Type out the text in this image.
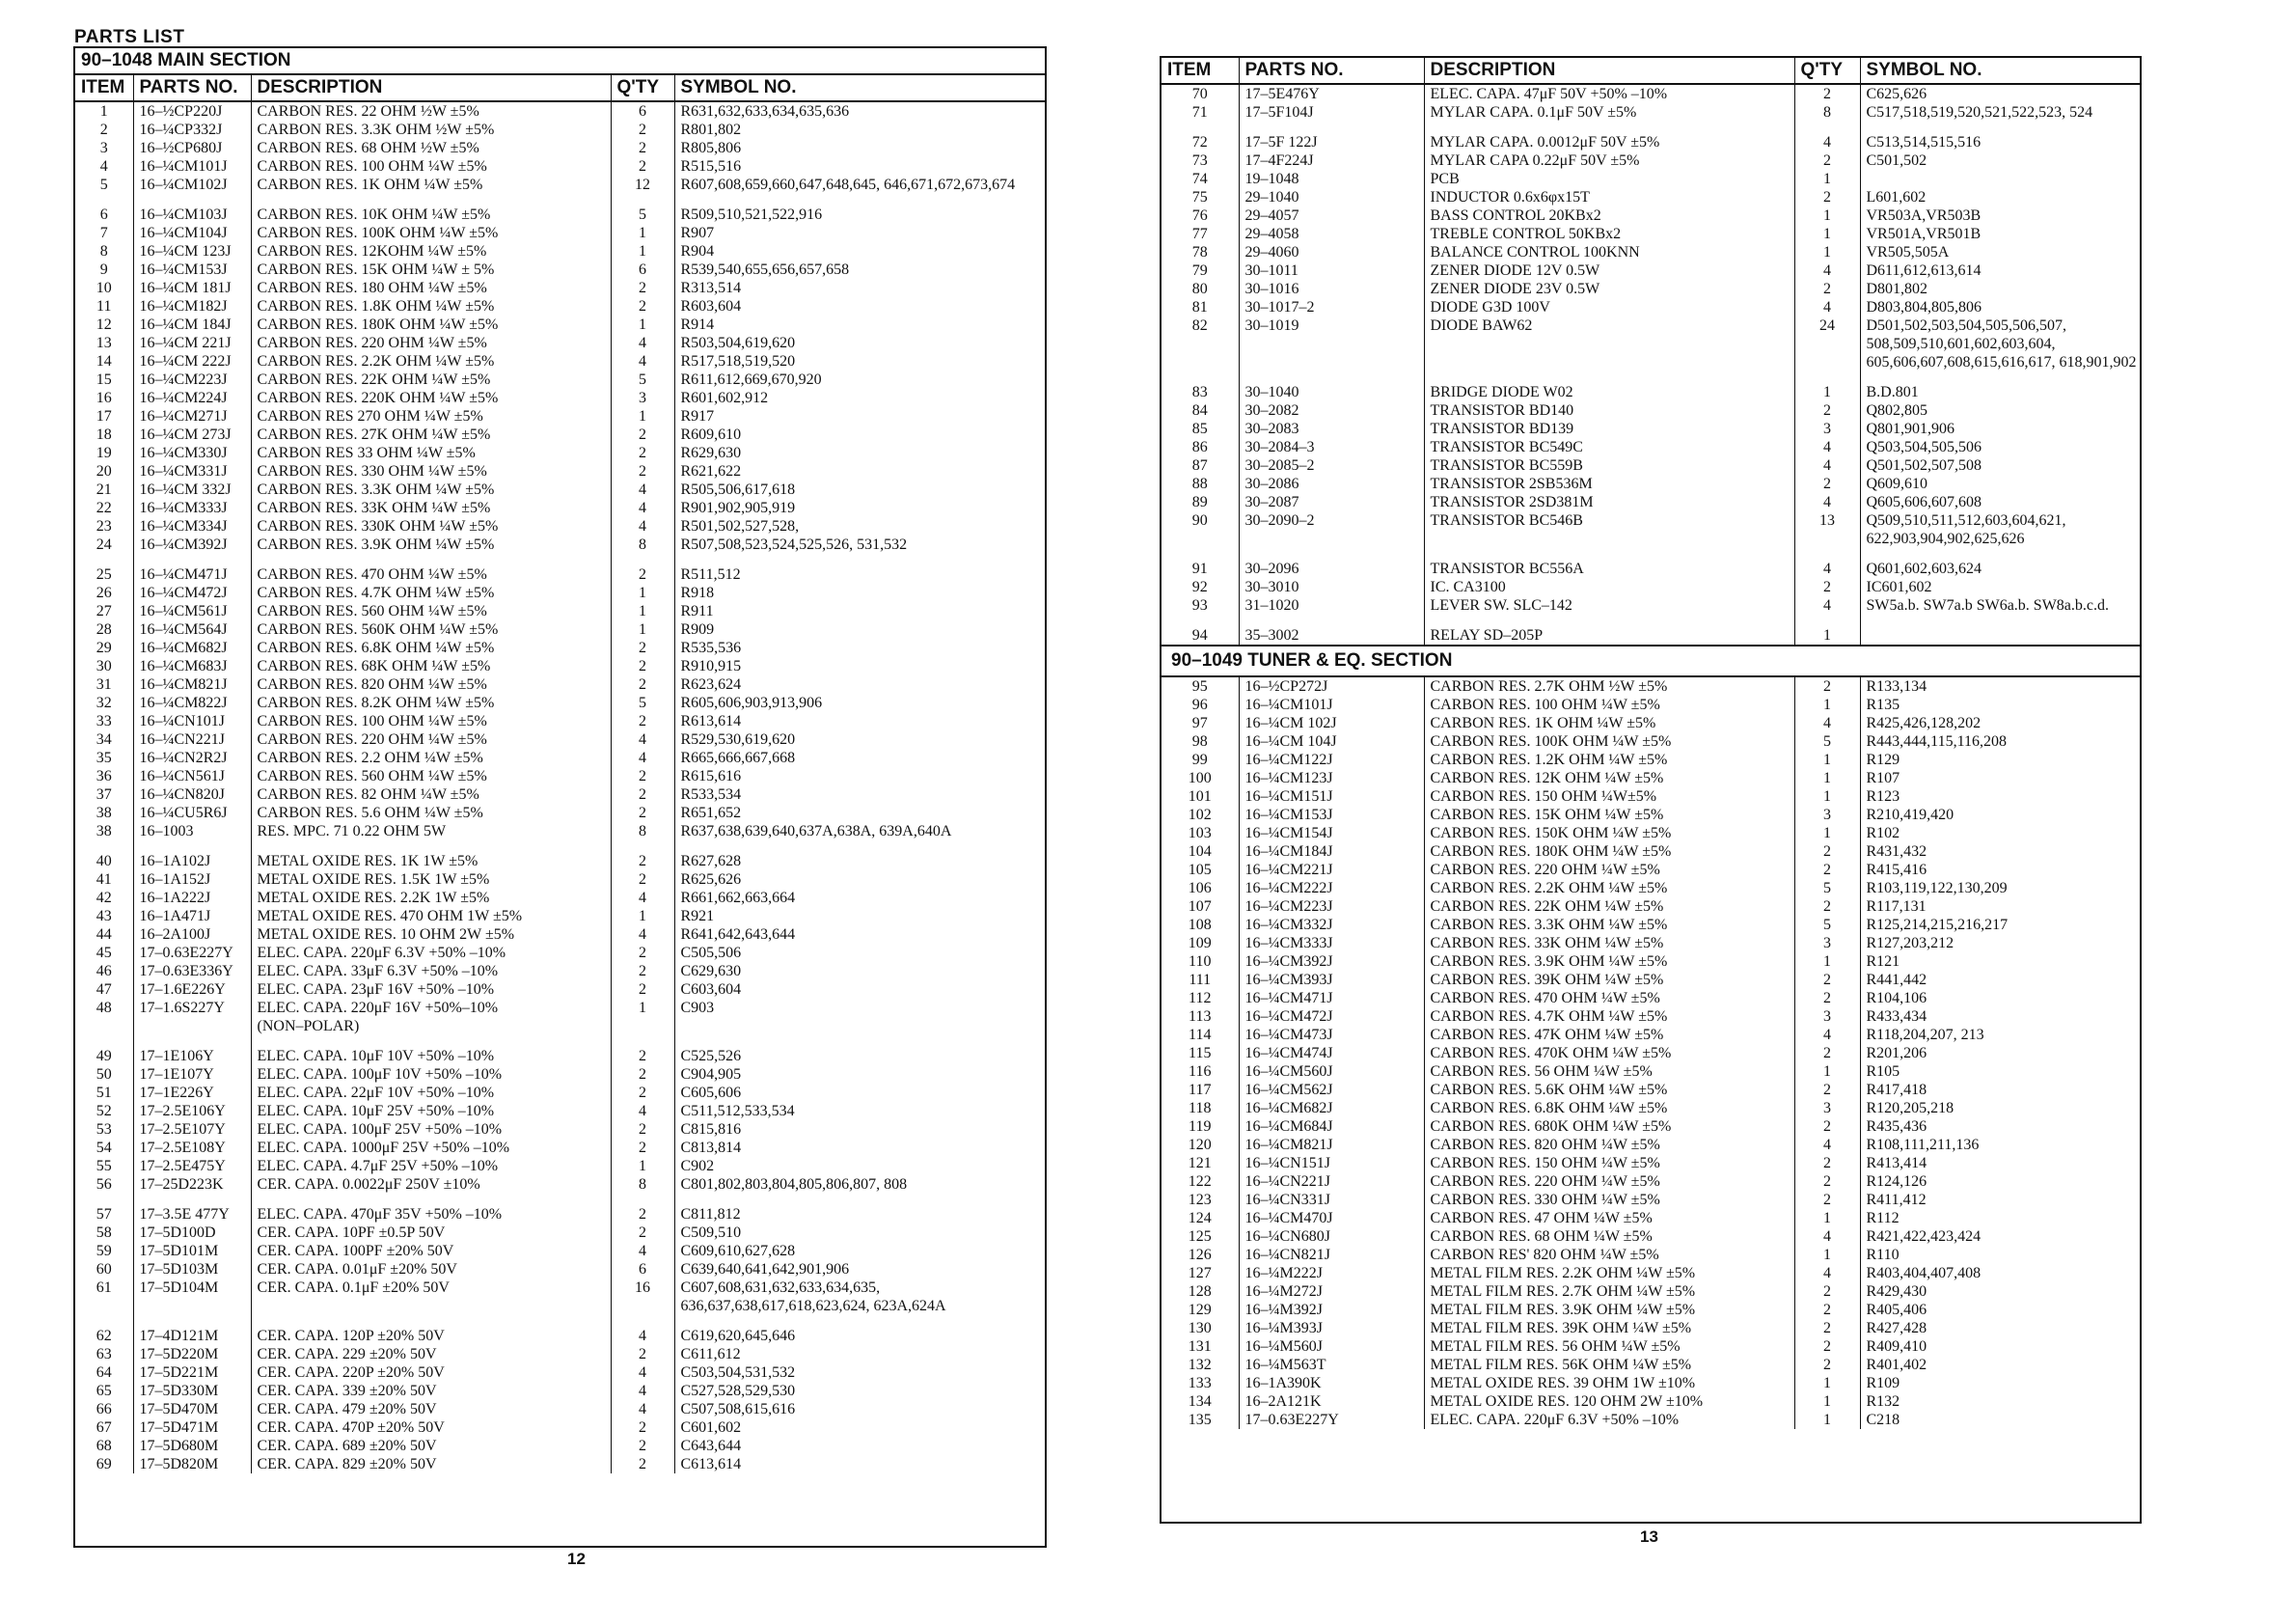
PARTS LIST
90–1048 MAIN SECTION
ITEM	PARTS NO.	DESCRIPTION	Q'TY	SYMBOL NO.
1	16–½CP220J	CARBON RES. 22 OHM ½W ±5%	6	R631,632,633,634,635,636
2	16–¼CP332J	CARBON RES. 3.3K OHM ½W ±5%	2	R801,802
3	16–½CP680J	CARBON RES. 68 OHM ½W ±5%	2	R805,806
4	16–¼CM101J	CARBON RES. 100 OHM ¼W ±5%	2	R515,516
5	16–¼CM102J	CARBON RES. 1K OHM ¼W ±5%	12	R607,608,659,660,647,648,645, 646,671,672,673,674
6	16–¼CM103J	CARBON RES. 10K OHM ¼W ±5%	5	R509,510,521,522,916
7	16–¼CM104J	CARBON RES. 100K OHM ¼W ±5%	1	R907
8	16–¼CM 123J	CARBON RES. 12KOHM ¼W ±5%	1	R904
9	16–¼CM153J	CARBON RES. 15K OHM ¼W ± 5%	6	R539,540,655,656,657,658
10	16–¼CM 181J	CARBON RES. 180 OHM ¼W ±5%	2	R313,514
11	16–¼CM182J	CARBON RES. 1.8K OHM ¼W ±5%	2	R603,604
12	16–¼CM 184J	CARBON RES. 180K OHM ¼W ±5%	1	R914
13	16–¼CM 221J	CARBON RES. 220 OHM ¼W ±5%	4	R503,504,619,620
14	16–¼CM 222J	CARBON RES. 2.2K OHM ¼W ±5%	4	R517,518,519,520
15	16–¼CM223J	CARBON RES. 22K OHM ¼W ±5%	5	R611,612,669,670,920
16	16–¼CM224J	CARBON RES. 220K OHM ¼W ±5%	3	R601,602,912
17	16–¼CM271J	CARBON RES 270 OHM ¼W ±5%	1	R917
18	16–¼CM 273J	CARBON RES. 27K OHM ¼W ±5%	2	R609,610
19	16–¼CM330J	CARBON RES 33 OHM ¼W ±5%	2	R629,630
20	16–¼CM331J	CARBON RES. 330 OHM ¼W ±5%	2	R621,622
21	16–¼CM 332J	CARBON RES. 3.3K OHM ¼W ±5%	4	R505,506,617,618
22	16–¼CM333J	CARBON RES. 33K OHM ¼W ±5%	4	R901,902,905,919
23	16–¼CM334J	CARBON RES. 330K OHM ¼W ±5%	4	R501,502,527,528,
24	16–¼CM392J	CARBON RES. 3.9K OHM ¼W ±5%	8	R507,508,523,524,525,526, 531,532
25	16–¼CM471J	CARBON RES. 470 OHM ¼W ±5%	2	R511,512
26	16–¼CM472J	CARBON RES. 4.7K OHM ¼W ±5%	1	R918
27	16–¼CM561J	CARBON RES. 560 OHM ¼W ±5%	1	R911
28	16–¼CM564J	CARBON RES. 560K OHM ¼W ±5%	1	R909
29	16–¼CM682J	CARBON RES. 6.8K OHM ¼W ±5%	2	R535,536
30	16–¼CM683J	CARBON RES. 68K OHM ¼W ±5%	2	R910,915
31	16–¼CM821J	CARBON RES. 820 OHM ¼W ±5%	2	R623,624
32	16–¼CM822J	CARBON RES. 8.2K OHM ¼W ±5%	5	R605,606,903,913,906
33	16–¼CN101J	CARBON RES. 100 OHM ¼W ±5%	2	R613,614
34	16–¼CN221J	CARBON RES. 220 OHM ¼W ±5%	4	R529,530,619,620
35	16–¼CN2R2J	CARBON RES. 2.2 OHM ¼W ±5%	4	R665,666,667,668
36	16–¼CN561J	CARBON RES. 560 OHM ¼W ±5%	2	R615,616
37	16–¼CN820J	CARBON RES. 82 OHM ¼W ±5%	2	R533,534
38	16–¼CU5R6J	CARBON RES. 5.6 OHM ¼W ±5%	2	R651,652
38	16–1003	RES. MPC. 71 0.22 OHM 5W	8	R637,638,639,640,637A,638A, 639A,640A
40	16–1A102J	METAL OXIDE RES. 1K 1W ±5%	2	R627,628
41	16–1A152J	METAL OXIDE RES. 1.5K 1W ±5%	2	R625,626
42	16–1A222J	METAL OXIDE RES. 2.2K 1W ±5%	4	R661,662,663,664
43	16–1A471J	METAL OXIDE RES. 470 OHM 1W ±5%	1	R921
44	16–2A100J	METAL OXIDE RES. 10 OHM 2W ±5%	4	R641,642,643,644
45	17–0.63E227Y	ELEC. CAPA. 220μF 6.3V +50% –10%	2	C505,506
46	17–0.63E336Y	ELEC. CAPA. 33μF 6.3V +50% –10%	2	C629,630
47	17–1.6E226Y	ELEC. CAPA. 23μF 16V +50% –10%	2	C603,604
48	17–1.6S227Y	ELEC. CAPA. 220μF 16V +50%–10%	1	C903
		(NON–POLAR)		
49	17–1E106Y	ELEC. CAPA. 10μF 10V +50% –10%	2	C525,526
50	17–1E107Y	ELEC. CAPA. 100μF 10V +50% –10%	2	C904,905
51	17–1E226Y	ELEC. CAPA. 22μF 10V +50% –10%	2	C605,606
52	17–2.5E106Y	ELEC. CAPA. 10μF 25V +50% –10%	4	C511,512,533,534
53	17–2.5E107Y	ELEC. CAPA. 100μF 25V +50% –10%	2	C815,816
54	17–2.5E108Y	ELEC. CAPA. 1000μF 25V +50% –10%	2	C813,814
55	17–2.5E475Y	ELEC. CAPA. 4.7μF 25V +50% –10%	1	C902
56	17–25D223K	CER. CAPA. 0.0022μF 250V ±10%	8	C801,802,803,804,805,806,807, 808
57	17–3.5E 477Y	ELEC. CAPA. 470μF 35V +50% –10%	2	C811,812
58	17–5D100D	CER. CAPA. 10PF ±0.5P 50V	2	C509,510
59	17–5D101M	CER. CAPA. 100PF ±20% 50V	4	C609,610,627,628
60	17–5D103M	CER. CAPA. 0.01μF ±20% 50V	6	C639,640,641,642,901,906
61	17–5D104M	CER. CAPA. 0.1μF ±20% 50V	16	C607,608,631,632,633,634,635, 636,637,638,617,618,623,624, 623A,624A
62	17–4D121M	CER. CAPA. 120P ±20% 50V	4	C619,620,645,646
63	17–5D220M	CER. CAPA. 229 ±20% 50V	2	C611,612
64	17–5D221M	CER. CAPA. 220P ±20% 50V	4	C503,504,531,532
65	17–5D330M	CER. CAPA. 339 ±20% 50V	4	C527,528,529,530
66	17–5D470M	CER. CAPA. 479 ±20% 50V	4	C507,508,615,616
67	17–5D471M	CER. CAPA. 470P ±20% 50V	2	C601,602
68	17–5D680M	CER. CAPA. 689 ±20% 50V	2	C643,644
69	17–5D820M	CER. CAPA. 829 ±20% 50V	2	C613,614
12
ITEM	PARTS NO.	DESCRIPTION	Q'TY	SYMBOL NO.
70	17–5E476Y	ELEC. CAPA. 47μF 50V +50% –10%	2	C625,626
71	17–5F104J	MYLAR CAPA. 0.1μF 50V ±5%	8	C517,518,519,520,521,522,523, 524
72	17–5F 122J	MYLAR CAPA. 0.0012μF 50V ±5%	4	C513,514,515,516
73	17–4F224J	MYLAR CAPA 0.22μF 50V ±5%	2	C501,502
74	19–1048	PCB	1	
75	29–1040	INDUCTOR 0.6x6φx15T	2	L601,602
76	29–4057	BASS CONTROL 20KBx2	1	VR503A,VR503B
77	29–4058	TREBLE CONTROL 50KBx2	1	VR501A,VR501B
78	29–4060	BALANCE CONTROL 100KNN	1	VR505,505A
79	30–1011	ZENER DIODE 12V 0.5W	4	D611,612,613,614
80	30–1016	ZENER DIODE 23V 0.5W	2	D801,802
81	30–1017–2	DIODE G3D 100V	4	D803,804,805,806
82	30–1019	DIODE BAW62	24	D501,502,503,504,505,506,507, 508,509,510,601,602,603,604, 605,606,607,608,615,616,617, 618,901,902
83	30–1040	BRIDGE DIODE W02	1	B.D.801
84	30–2082	TRANSISTOR BD140	2	Q802,805
85	30–2083	TRANSISTOR BD139	3	Q801,901,906
86	30–2084–3	TRANSISTOR BC549C	4	Q503,504,505,506
87	30–2085–2	TRANSISTOR BC559B	4	Q501,502,507,508
88	30–2086	TRANSISTOR 2SB536M	2	Q609,610
89	30–2087	TRANSISTOR 2SD381M	4	Q605,606,607,608
90	30–2090–2	TRANSISTOR BC546B	13	Q509,510,511,512,603,604,621, 622,903,904,902,625,626
91	30–2096	TRANSISTOR BC556A	4	Q601,602,603,624
92	30–3010	IC. CA3100	2	IC601,602
93	31–1020	LEVER SW. SLC–142	4	SW5a.b. SW7a.b SW6a.b. SW8a.b.c.d.
94	35–3002	RELAY SD–205P	1	
90–1049 TUNER & EQ. SECTION
95	16–½CP272J	CARBON RES. 2.7K OHM ½W ±5%	2	R133,134
96	16–¼CM101J	CARBON RES. 100 OHM ¼W ±5%	1	R135
97	16–¼CM 102J	CARBON RES. 1K OHM ¼W ±5%	4	R425,426,128,202
98	16–¼CM 104J	CARBON RES. 100K OHM ¼W ±5%	5	R443,444,115,116,208
99	16–¼CM122J	CARBON RES. 1.2K OHM ¼W ±5%	1	R129
100	16–¼CM123J	CARBON RES. 12K OHM ¼W ±5%	1	R107
101	16–¼CM151J	CARBON RES. 150 OHM ¼W±5%	1	R123
102	16–¼CM153J	CARBON RES. 15K OHM ¼W ±5%	3	R210,419,420
103	16–¼CM154J	CARBON RES. 150K OHM ¼W ±5%	1	R102
104	16–¼CM184J	CARBON RES. 180K OHM ¼W ±5%	2	R431,432
105	16–¼CM221J	CARBON RES. 220 OHM ¼W ±5%	2	R415,416
106	16–¼CM222J	CARBON RES. 2.2K OHM ¼W ±5%	5	R103,119,122,130,209
107	16–¼CM223J	CARBON RES. 22K OHM ¼W ±5%	2	R117,131
108	16–¼CM332J	CARBON RES. 3.3K OHM ¼W ±5%	5	R125,214,215,216,217
109	16–¼CM333J	CARBON RES. 33K OHM ¼W ±5%	3	R127,203,212
110	16–¼CM392J	CARBON RES. 3.9K OHM ¼W ±5%	1	R121
111	16–¼CM393J	CARBON RES. 39K OHM ¼W ±5%	2	R441,442
112	16–¼CM471J	CARBON RES. 470 OHM ¼W ±5%	2	R104,106
113	16–¼CM472J	CARBON RES. 4.7K OHM ¼W ±5%	3	R433,434
114	16–¼CM473J	CARBON RES. 47K OHM ¼W ±5%	4	R118,204,207, 213
115	16–¼CM474J	CARBON RES. 470K OHM ¼W ±5%	2	R201,206
116	16–¼CM560J	CARBON RES. 56 OHM ¼W ±5%	1	R105
117	16–¼CM562J	CARBON RES. 5.6K OHM ¼W ±5%	2	R417,418
118	16–¼CM682J	CARBON RES. 6.8K OHM ¼W ±5%	3	R120,205,218
119	16–¼CM684J	CARBON RES. 680K OHM ¼W ±5%	2	R435,436
120	16–¼CM821J	CARBON RES. 820 OHM ¼W ±5%	4	R108,111,211,136
121	16–¼CN151J	CARBON RES. 150 OHM ¼W ±5%	2	R413,414
122	16–¼CN221J	CARBON RES. 220 OHM ¼W ±5%	2	R124,126
123	16–¼CN331J	CARBON RES. 330 OHM ¼W ±5%	2	R411,412
124	16–¼CM470J	CARBON RES. 47 OHM ¼W ±5%	1	R112
125	16–¼CN680J	CARBON RES. 68 OHM ¼W ±5%	4	R421,422,423,424
126	16–¼CN821J	CARBON RES' 820 OHM ¼W ±5%	1	R110
127	16–¼M222J	METAL FILM RES. 2.2K OHM ¼W ±5%	4	R403,404,407,408
128	16–¼M272J	METAL FILM RES. 2.7K OHM ¼W ±5%	2	R429,430
129	16–¼M392J	METAL FILM RES. 3.9K OHM ¼W ±5%	2	R405,406
130	16–¼M393J	METAL FILM RES. 39K OHM ¼W ±5%	2	R427,428
131	16–¼M560J	METAL FILM RES. 56 OHM ¼W ±5%	2	R409,410
132	16–¼M563T	METAL FILM RES. 56K OHM ¼W ±5%	2	R401,402
133	16–1A390K	METAL OXIDE RES. 39 OHM 1W ±10%	1	R109
134	16–2A121K	METAL OXIDE RES. 120 OHM 2W ±10%	1	R132
135	17–0.63E227Y	ELEC. CAPA. 220μF 6.3V +50% –10%	1	C218
13
